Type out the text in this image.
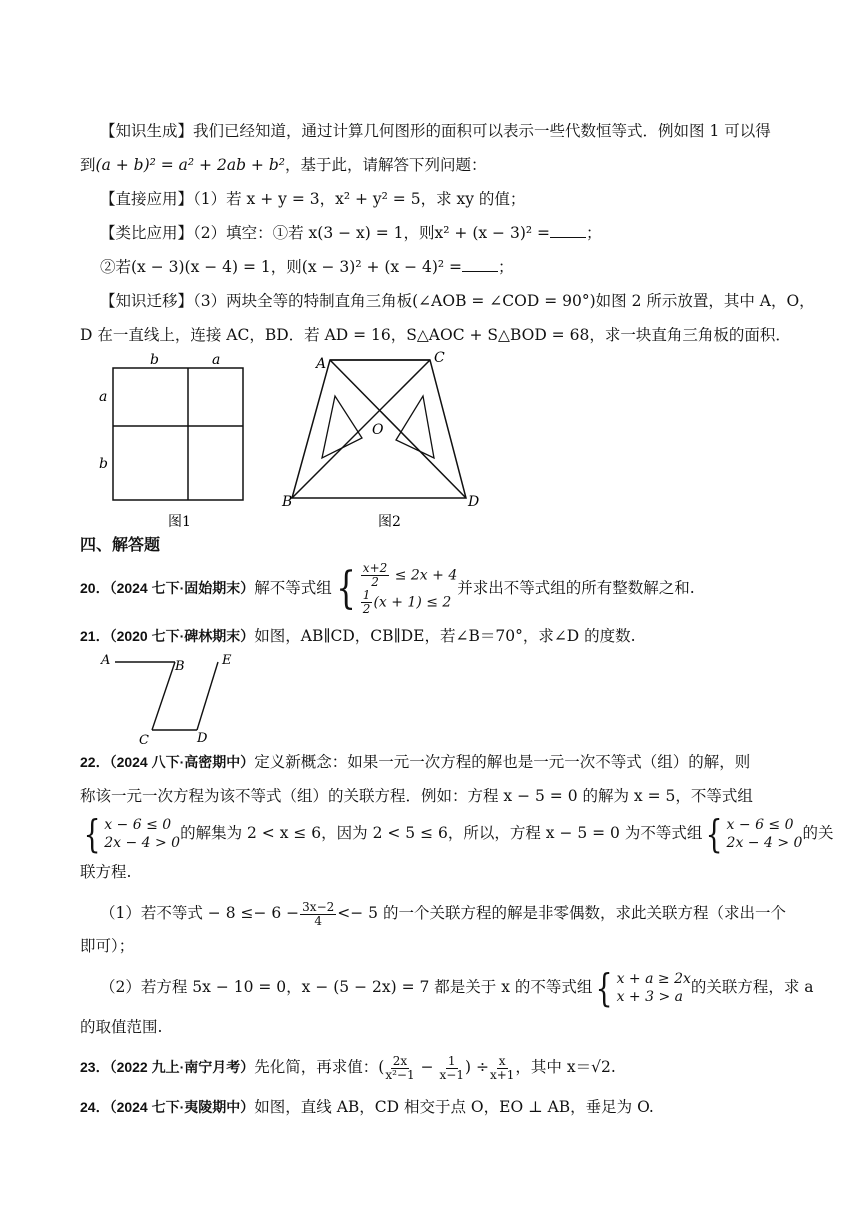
【知识生成】我们已经知道，通过计算几何图形的面积可以表示一些代数恒等式．例如图 1 可以得
到(a + b)² = a² + 2ab + b²，基于此，请解答下列问题：
【直接应用】（1）若 x + y = 3，x² + y² = 5，求 xy 的值；
【类比应用】（2）填空：①若 x(3 − x) = 1，则x² + (x − 3)² = ；
②若(x − 3)(x − 4) = 1，则(x − 3)² + (x − 4)² = ；
【知识迁移】（3）两块全等的特制直角三角板(∠AOB = ∠COD = 90°)如图 2 所示放置，其中 A，O，
D 在一直线上，连接 AC，BD．若 AD = 16，S△AOC + S△BOD = 68，求一块直角三角板的面积．
b	a
a
b
图1
A	C
O
B	D
图2
四、解答题
20．（2024 七下·固始期末）解不等式组 { $\frac{x+2}{2} \le 2x + 4$
$\frac{1}{2} (x + 1) \le 2$
并求出不等式组的所有整数解之和.
21．（2020 七下·碑林期末）如图，AB∥CD，CB∥DE，若∠B＝70°，求∠D 的度数.
A	B	E
C	D
22．（2024 八下·高密期中）定义新概念：如果一元一次方程的解也是一元一次不等式（组）的解，则
称该一元一次方程为该不等式（组）的关联方程．例如：方程 x − 5 = 0 的解为 x = 5，不等式组
{ x − 6 ≤ 0
2x − 4 > 0
的解集为 2 < x ≤ 6，因为 2 < 5 ≤ 6，所以，方程 x − 5 = 0 为不等式组 { x − 6 ≤ 0
2x − 4 > 0
的关
联方程.
（1）若不等式 − $8 \le- 6 - \frac{3x-2}{4} <- 5$ 的一个关联方程的解是非零偶数，求此关联方程（求出一个
即可）；
（2）若方程 5x − 10 = 0，x − (5 − 2x) = 7 都是关于 x 的不等式组 { x + a ≥ 2x
x + 3 > a
的关联方程，求 a
的取值范围.
23．（2022 九上·南宁月考）先化简，再求值：( $\frac{2x}{\text{x²−1}} - \frac{1}{x-1}$ ) ÷ $\frac{x}{x+1}$ ，其中 x＝√2.
24．（2024 七下·夷陵期中）如图，直线 AB，CD 相交于点 O，EO ⊥ AB，垂足为 O.
